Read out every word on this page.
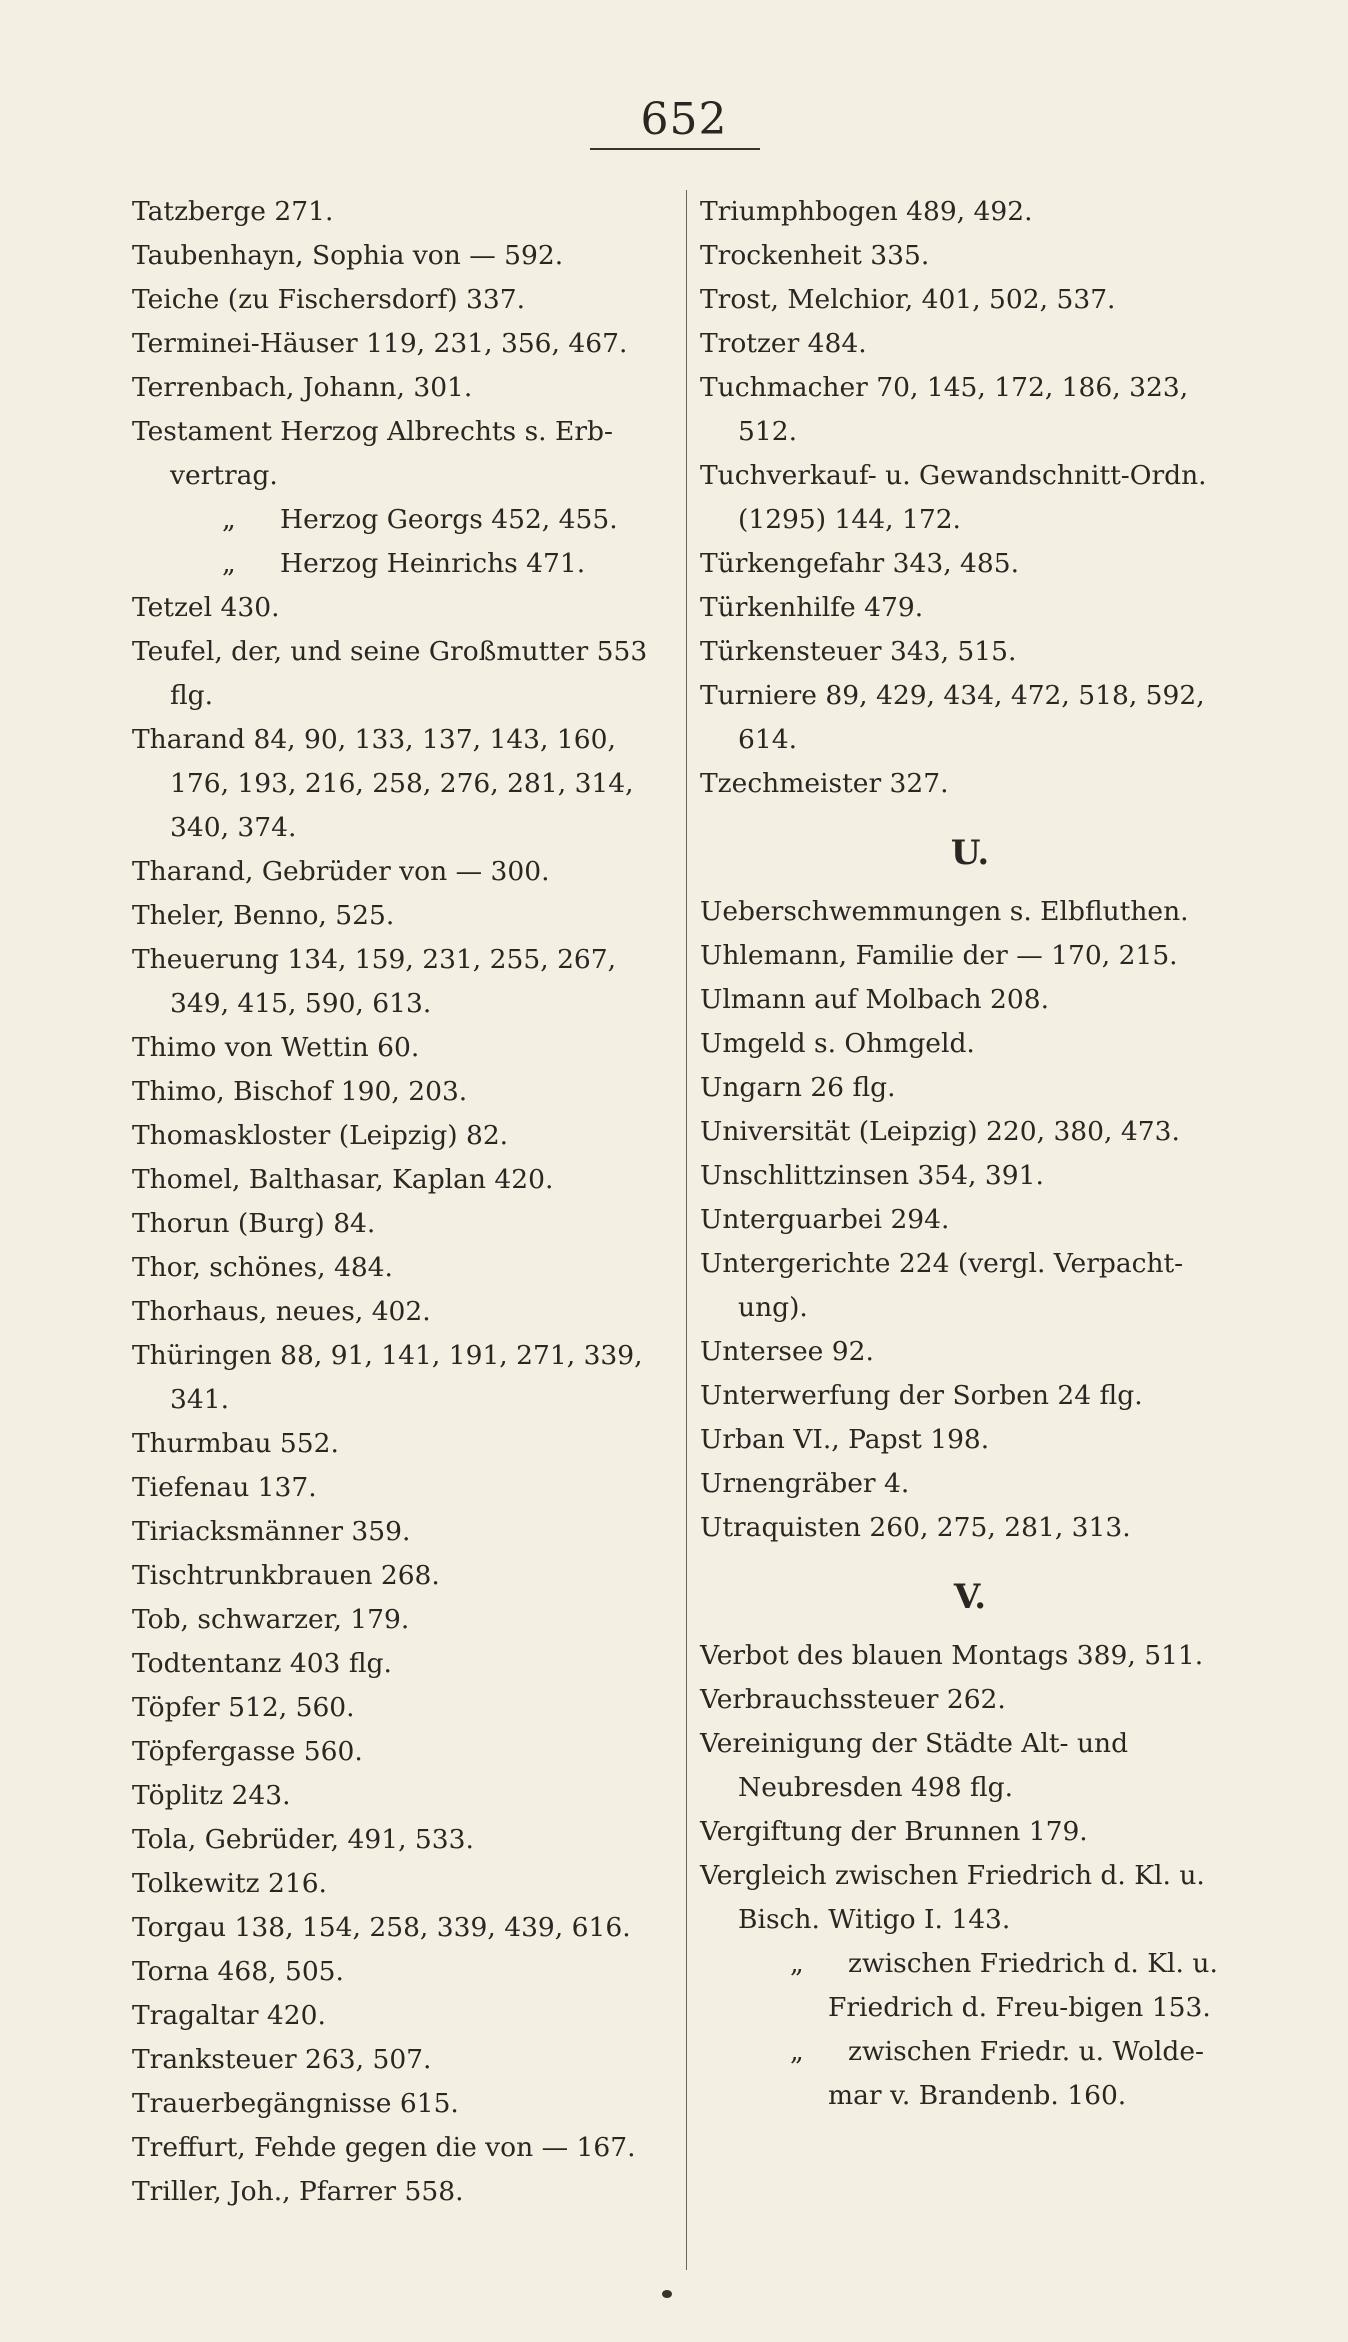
652
Tatzberge 271.
Taubenhayn, Sophia von — 592.
Teiche (zu Fischersdorf) 337.
Terminei-Häuser 119, 231, 356, 467.
Terrenbach, Johann, 301.
Testament Herzog Albrechts s. Erb-vertrag.
„ Herzog Georgs 452, 455.
„ Herzog Heinrichs 471.
Tetzel 430.
Teufel, der, und seine Großmutter 553 flg.
Tharand 84, 90, 133, 137, 143, 160, 176, 193, 216, 258, 276, 281, 314, 340, 374.
Tharand, Gebrüder von — 300.
Theler, Benno, 525.
Theuerung 134, 159, 231, 255, 267, 349, 415, 590, 613.
Thimo von Wettin 60.
Thimo, Bischof 190, 203.
Thomaskloster (Leipzig) 82.
Thomel, Balthasar, Kaplan 420.
Thorun (Burg) 84.
Thor, schönes, 484.
Thorhaus, neues, 402.
Thüringen 88, 91, 141, 191, 271, 339, 341.
Thurmbau 552.
Tiefenau 137.
Tiriacksmänner 359.
Tischtrunkbrauen 268.
Tob, schwarzer, 179.
Todtentanz 403 flg.
Töpfer 512, 560.
Töpfergasse 560.
Töplitz 243.
Tola, Gebrüder, 491, 533.
Tolkewitz 216.
Torgau 138, 154, 258, 339, 439, 616.
Torna 468, 505.
Tragaltar 420.
Tranksteuer 263, 507.
Trauerbegängnisse 615.
Treffurt, Fehde gegen die von — 167.
Triller, Joh., Pfarrer 558.
Triumphbogen 489, 492.
Trockenheit 335.
Trost, Melchior, 401, 502, 537.
Trotzer 484.
Tuchmacher 70, 145, 172, 186, 323, 512.
Tuchverkauf- u. Gewandschnitt-Ordn. (1295) 144, 172.
Türkengefahr 343, 485.
Türkenhilfe 479.
Türkensteuer 343, 515.
Turniere 89, 429, 434, 472, 518, 592, 614.
Tzechmeister 327.
U.
Ueberschwemmungen s. Elbfluthen.
Uhlemann, Familie der — 170, 215.
Ulmann auf Molbach 208.
Umgeld s. Ohmgeld.
Ungarn 26 flg.
Universität (Leipzig) 220, 380, 473.
Unschlittzinsen 354, 391.
Unterguarbei 294.
Untergerichte 224 (vergl. Verpacht-ung).
Untersee 92.
Unterwerfung der Sorben 24 flg.
Urban VI., Papst 198.
Urnengräber 4.
Utraquisten 260, 275, 281, 313.
V.
Verbot des blauen Montags 389, 511.
Verbrauchssteuer 262.
Vereinigung der Städte Alt- und Neubresden 498 flg.
Vergiftung der Brunnen 179.
Vergleich zwischen Friedrich d. Kl. u. Bisch. Witigo I. 143.
„ zwischen Friedrich d. Kl. u. Friedrich d. Freu-bigen 153.
„ zwischen Friedr. u. Wolde-mar v. Brandenb. 160.
